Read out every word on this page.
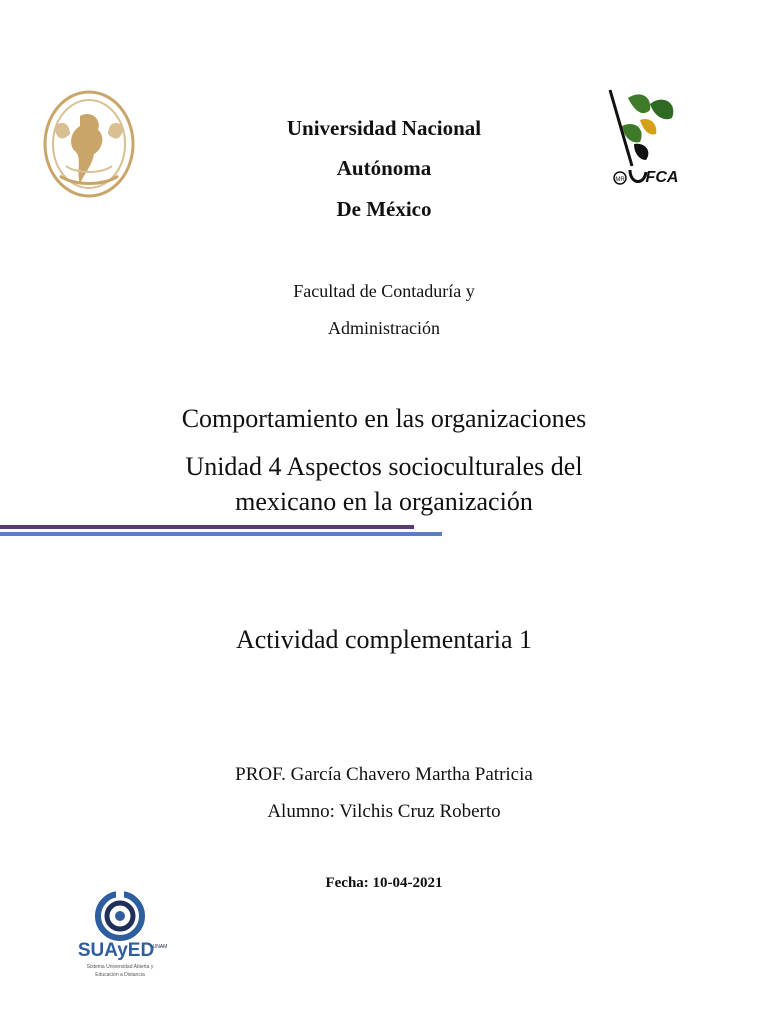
MR FCA
Universidad Nacional
Autónoma
De México
Facultad de Contaduría y
Administración
Comportamiento en las organizaciones
Unidad 4 Aspectos socioculturales del
mexicano en la organización
Actividad complementaria 1
PROF. García Chavero Martha Patricia
Alumno: Vilchis Cruz Roberto
Fecha: 10-04-2021
SUAyED
UNAM
Sistema Universidad Abierta y
Educación a Distancia
